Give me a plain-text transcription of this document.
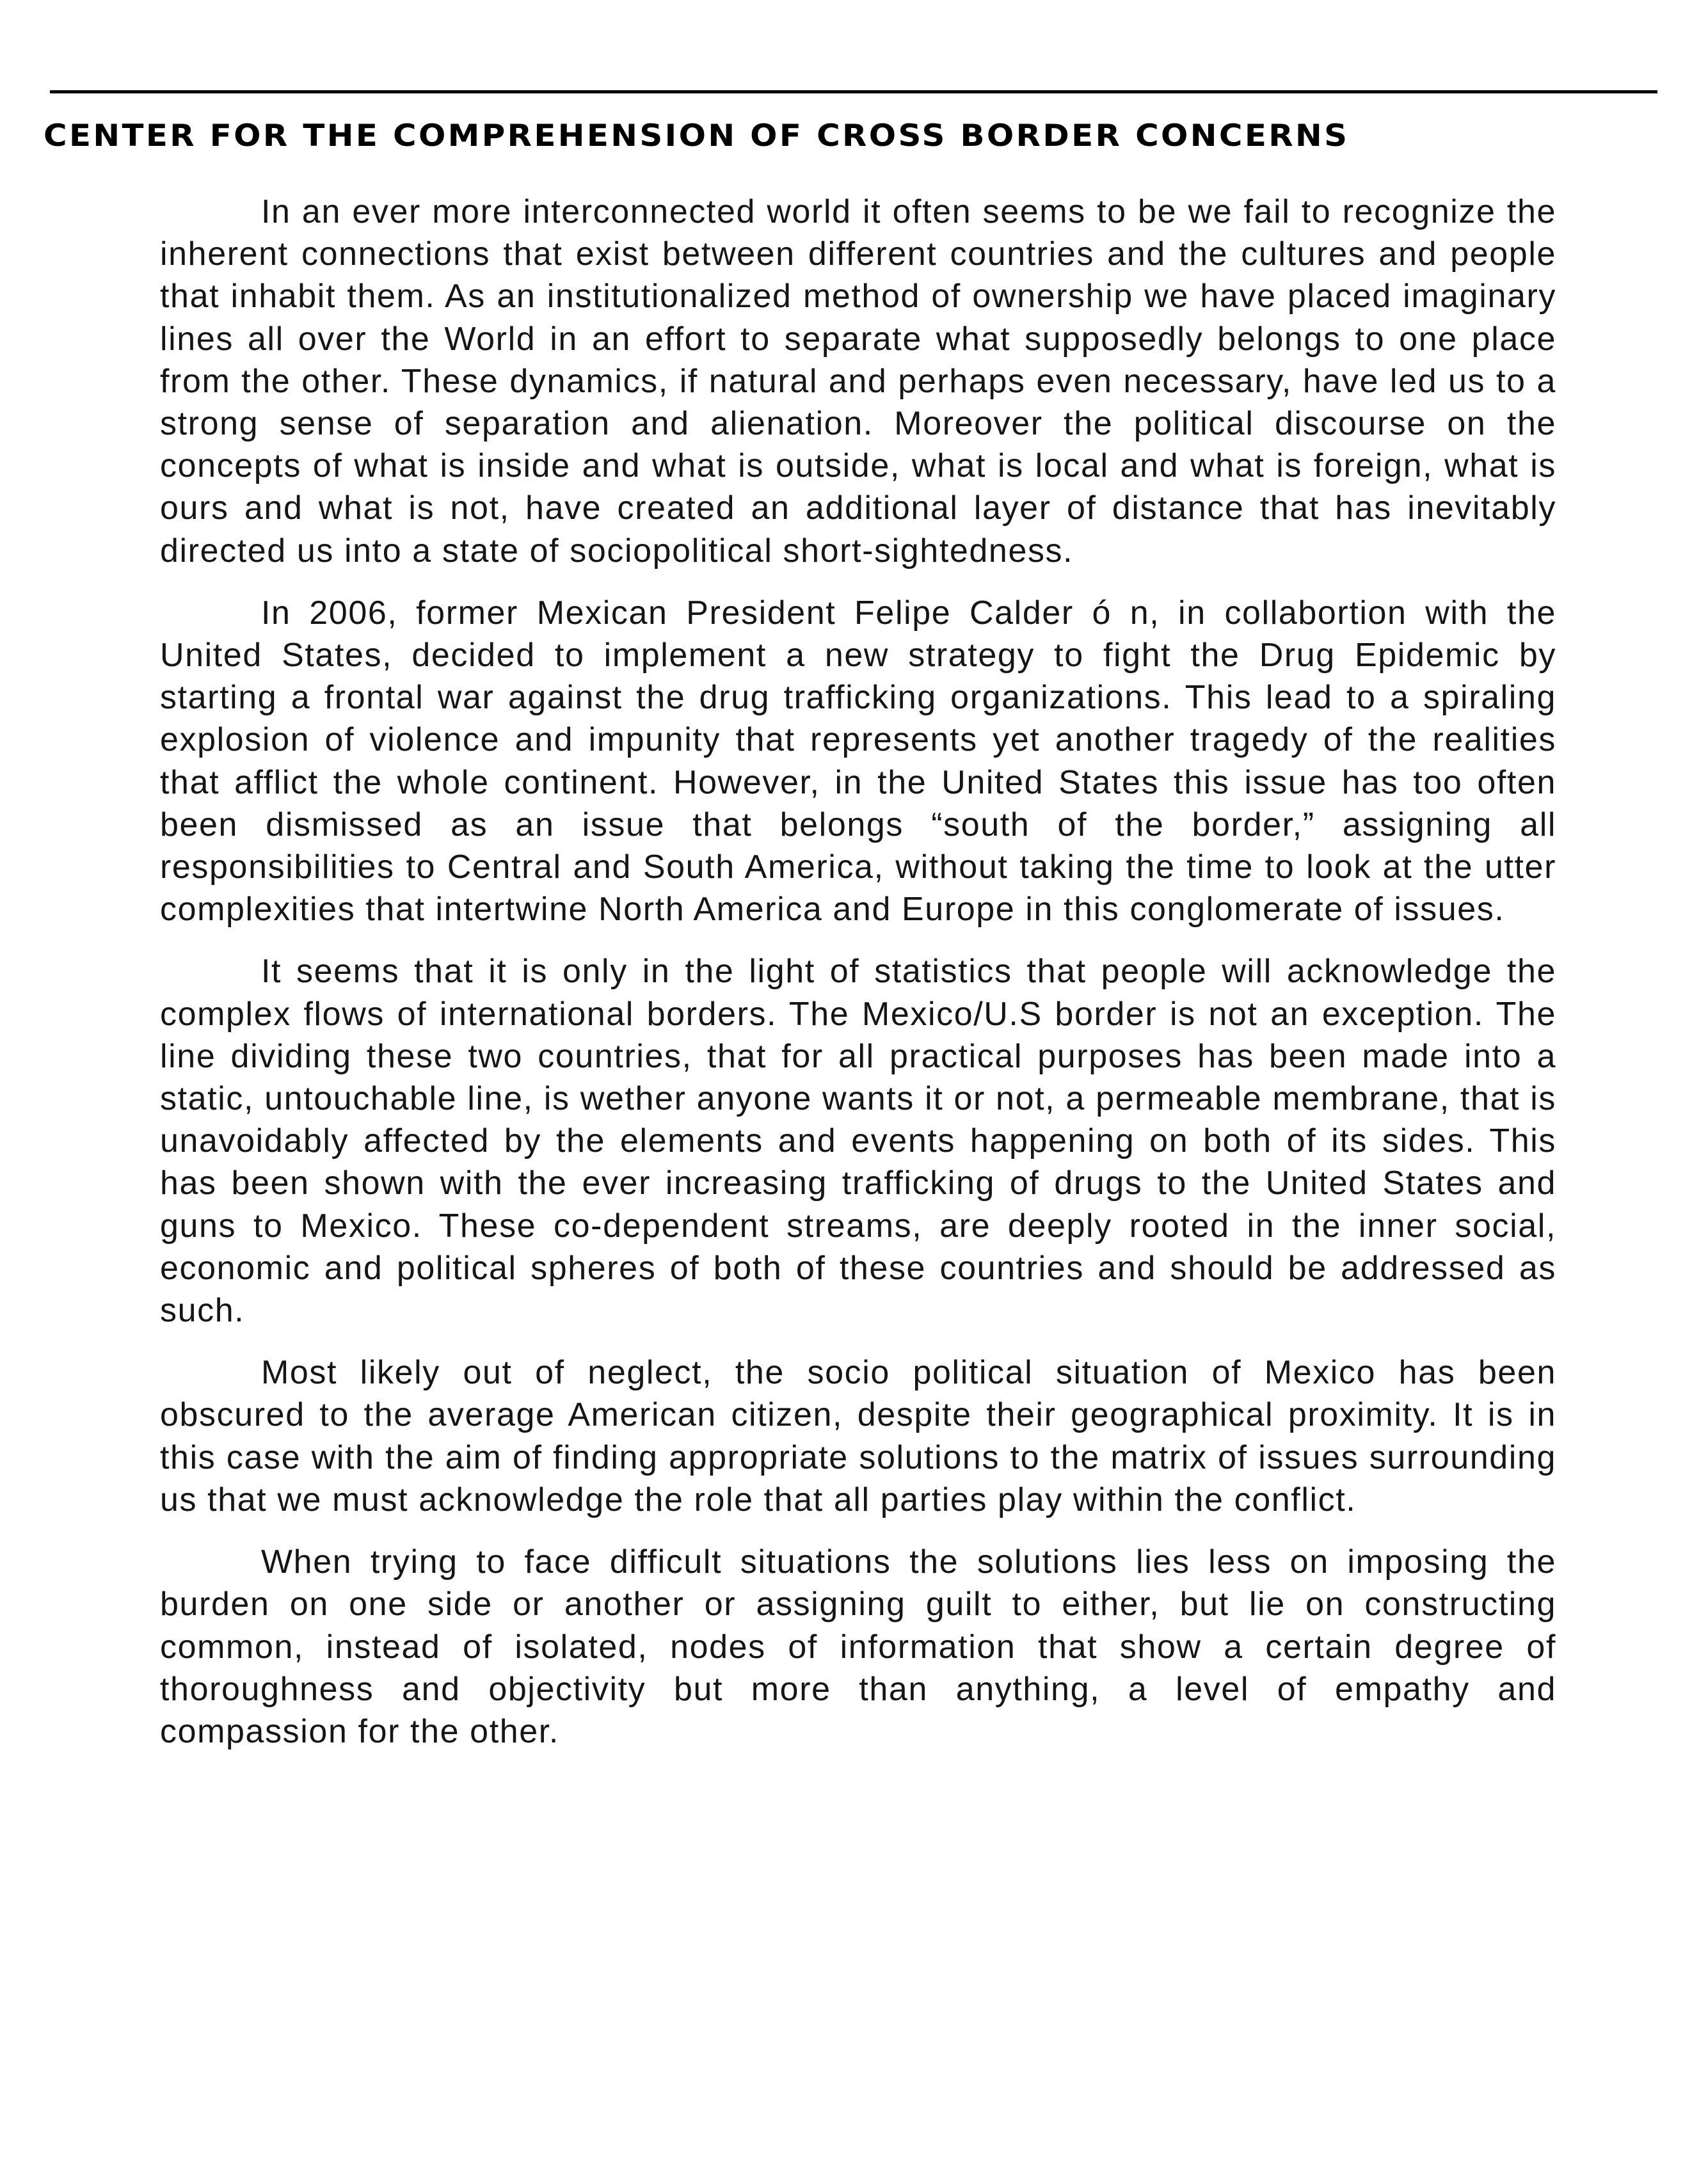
CENTER FOR THE COMPREHENSION OF CROSS BORDER CONCERNS

In an ever more interconnected world it often seems to be we fail to recognize the inherent connections that exist between different countries and the cultures and people that inhabit them. As an institutionalized method of ownership we have placed imaginary lines all over the World in an effort to separate what supposedly belongs to one place from the other. These dynamics, if natural and perhaps even necessary, have led us to a strong sense of separation and alienation. Moreover the political discourse on the concepts of what is inside and what is outside, what is local and what is foreign, what is ours and what is not, have created an additional layer of distance that has inevitably directed us into a state of sociopolitical short-sightedness.

In 2006, former Mexican President Felipe Calder ó n, in collabortion with the United States, decided to implement a new strategy to fight the Drug Epidemic by starting a frontal war against the drug trafficking organizations. This lead to a spiraling explosion of violence and impunity that represents yet another tragedy of the realities that afflict the whole continent. However, in the United States this issue has too often been dismissed as an issue that belongs “south of the border,” assigning all responsibilities to Central and South America, without taking the time to look at the utter complexities that intertwine North America and Europe in this conglomerate of issues.

It seems that it is only in the light of statistics that people will acknowledge the complex flows of international borders. The Mexico/U.S border is not an exception. The line dividing these two countries, that for all practical purposes has been made into a static, untouchable line, is wether anyone wants it or not, a permeable membrane, that is unavoidably affected by the elements and events happening on both of its sides. This has been shown with the ever increasing trafficking of drugs to the United States and guns to Mexico. These co-dependent streams, are deeply rooted in the inner social, economic and political spheres of both of these countries and should be addressed as such.

Most likely out of neglect, the socio political situation of Mexico has been obscured to the average American citizen, despite their geographical proximity. It is in this case with the aim of finding appropriate solutions to the matrix of issues surrounding us that we must acknowledge the role that all parties play within the conflict.

When trying to face difficult situations the solutions lies less on imposing the burden on one side or another or assigning guilt to either, but lie on constructing common, instead of isolated, nodes of information that show a certain degree of thoroughness and objectivity but more than anything, a level of empathy and compassion for the other.
